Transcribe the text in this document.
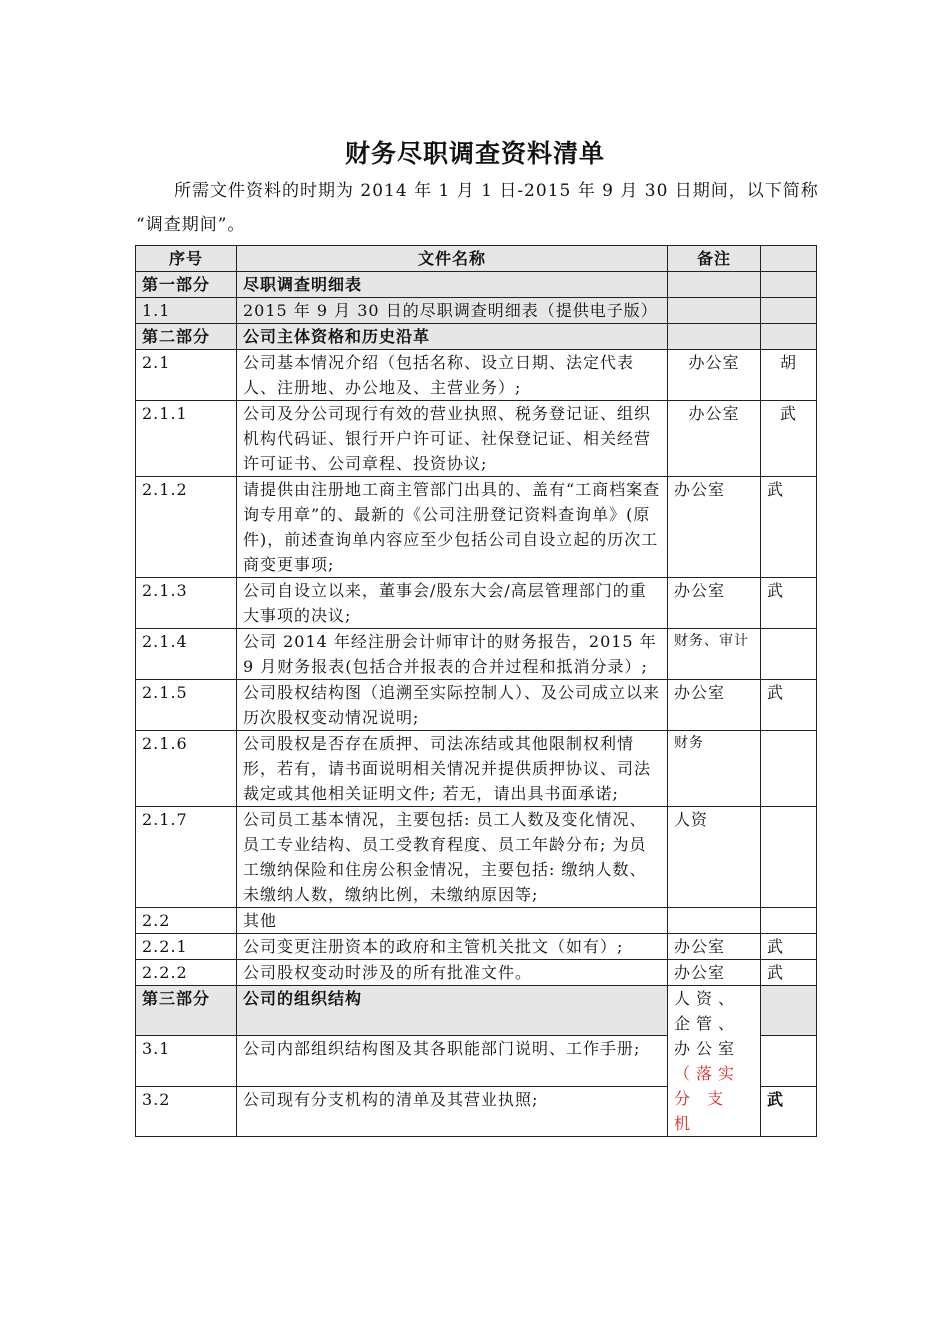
财务尽职调查资料清单
所需文件资料的时期为 2014 年 1 月 1 日-2015 年 9 月 30 日期间，以下简称
“调查期间”。
序号	文件名称	备注	
第一部分	尽职调查明细表		
1.1	2015 年 9 月 30 日的尽职调查明细表（提供电子版）		
第二部分	公司主体资格和历史沿革		
2.1	公司基本情况介绍（包括名称、设立日期、法定代表人、注册地、办公地及、主营业务）;	办公室	胡
2.1.1	公司及分公司现行有效的营业执照、税务登记证、组织机构代码证、银行开户许可证、社保登记证、相关经营许可证书、公司章程、投资协议;	办公室	武
2.1.2	请提供由注册地工商主管部门出具的、盖有“工商档案查询专用章”的、最新的《公司注册登记资料查询单》(原件)，前述查询单内容应至少包括公司自设立起的历次工商变更事项;	办公室	武
2.1.3	公司自设立以来，董事会/股东大会/高层管理部门的重大事项的决议;	办公室	武
2.1.4	公司 2014 年经注册会计师审计的财务报告，2015 年 9 月财务报表(包括合并报表的合并过程和抵消分录）;	财务、审计	
2.1.5	公司股权结构图（追溯至实际控制人）、及公司成立以来历次股权变动情况说明;	办公室	武
2.1.6	公司股权是否存在质押、司法冻结或其他限制权利情形，若有，请书面说明相关情况并提供质押协议、司法裁定或其他相关证明文件; 若无，请出具书面承诺;	财务	
2.1.7	公司员工基本情况，主要包括: 员工人数及变化情况、员工专业结构、员工受教育程度、员工年龄分布; 为员工缴纳保险和住房公积金情况，主要包括: 缴纳人数、未缴纳人数，缴纳比例，未缴纳原因等;	人资	
2.2	其他		
2.2.1	公司变更注册资本的政府和主管机关批文（如有）;	办公室	武
2.2.2	公司股权变动时涉及的所有批准文件。	办公室	武
第三部分	公司的组织结构	人资、企管、办公室（落实分 支 机	
3.1	公司内部组织结构图及其各职能部门说明、工作手册;		
3.2	公司现有分支机构的清单及其营业执照;		武
